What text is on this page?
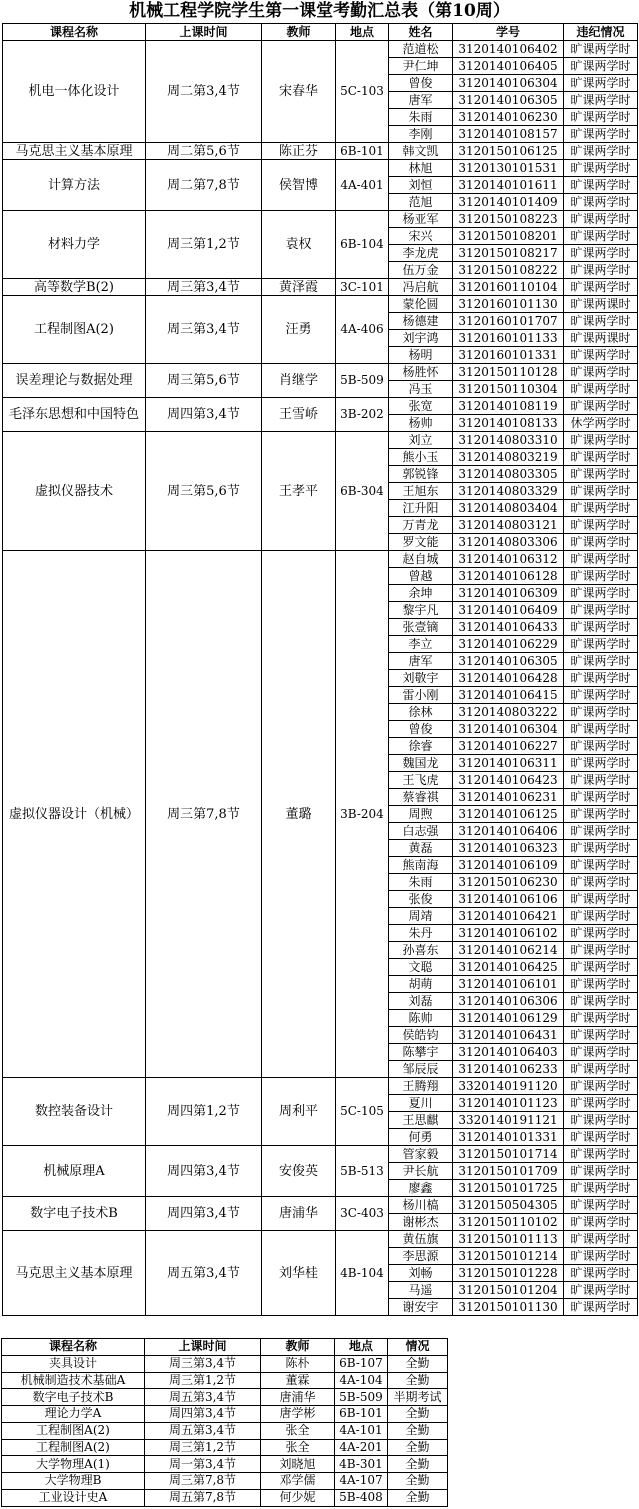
机械工程学院学生第一课堂考勤汇总表（第10周）
课程名称	上课时间	教师	地点	姓名	学号	违纪情况
机电一体化设计	周二第3,4节	宋春华	5C-103	范道松	3120140106402	旷课两学时
				尹仁坤	3120140106405	旷课两学时
				曾俊	3120140106304	旷课两学时
				唐军	3120140106305	旷课两学时
				朱雨	3120140106230	旷课两学时
				李刚	3120140108157	旷课两学时
马克思主义基本原理	周二第5,6节	陈正芬	6B-101	韩文凯	3120150106125	旷课两学时
计算方法	周二第7,8节	侯智博	4A-401	林旭	3120130101531	旷课两学时
				刘恒	3120140101611	旷课两学时
				范旭	3120140101409	旷课两学时
材料力学	周三第1,2节	袁权	6B-104	杨亚军	3120150108223	旷课两学时
				宋兴	3120150108201	旷课两学时
				李龙虎	3120150108217	旷课两学时
				伍万金	3120150108222	旷课两学时
高等数学B(2)	周三第3,4节	黄泽霞	3C-101	冯启航	3120160110104	旷课两学时
工程制图A(2)	周三第3,4节	汪勇	4A-406	蒙伦圆	3120160101130	旷课两课时
				杨德建	3120160101707	旷课两学时
				刘宇鸿	3120160101133	旷课两课时
				杨明	3120160101331	旷课两学时
误差理论与数据处理	周三第5,6节	肖继学	5B-509	杨胜怀	3120150110128	旷课两学时
				冯玉	3120150110304	旷课两学时
毛泽东思想和中国特色	周四第3,4节	王雪峤	3B-202	张宽	3120140108119	旷课两学时
				杨帅	3120140108133	休学两学时
虚拟仪器技术	周三第5,6节	王孝平	6B-304	刘立	3120140803310	旷课两学时
				熊小玉	3120140803219	旷课两学时
				郭锐锋	3120140803305	旷课两学时
				王旭东	3120140803329	旷课两学时
				江升阳	3120140803404	旷课两学时
				万青龙	3120140803121	旷课两学时
				罗文能	3120140803306	旷课两学时
虚拟仪器设计（机械）	周三第7,8节	董璐	3B-204	赵自城	3120140106312	旷课两学时
				曾越	3120140106128	旷课两学时
				余坤	3120140106309	旷课两学时
				黎宇凡	3120140106409	旷课两学时
				张壹镝	3120140106433	旷课两学时
				李立	3120140106229	旷课两学时
				唐军	3120140106305	旷课两学时
				刘敬宇	3120140106428	旷课两学时
				雷小刚	3120140106415	旷课两学时
				徐林	3120140803222	旷课两学时
				曾俊	3120140106304	旷课两学时
				徐睿	3120140106227	旷课两学时
				魏国龙	3120140106311	旷课两学时
				王飞虎	3120140106423	旷课两学时
				蔡睿祺	3120140106231	旷课两学时
				周煦	3120140106125	旷课两学时
				白志强	3120140106406	旷课两学时
				黄磊	3120140106323	旷课两学时
				熊南海	3120140106109	旷课两学时
				朱雨	3120150106230	旷课两学时
				张俊	3120140106106	旷课两学时
				周靖	3120140106421	旷课两学时
				朱丹	3120140106102	旷课两学时
				孙喜东	3120140106214	旷课两学时
				文聪	3120140106425	旷课两学时
				胡萌	3120140106101	旷课两学时
				刘磊	3120140106306	旷课两学时
				陈帅	3120140106129	旷课两学时
				侯皓钧	3120140106431	旷课两学时
				陈攀宇	3120140106403	旷课两学时
				邹辰辰	3120140106233	旷课两学时
数控装备设计	周四第1,2节	周利平	5C-105	王腾翔	3320140191120	旷课两学时
				夏川	3120140101123	旷课两学时
				王思麒	3320140191121	旷课两学时
				何勇	3120140101331	旷课两学时
机械原理A	周四第3,4节	安俊英	5B-513	管家毅	3120150101714	旷课两学时
				尹长航	3120150101709	旷课两学时
				廖鑫	3120150101725	旷课两学时
数字电子技术B	周四第3,4节	唐浦华	3C-403	杨川槁	3120150504305	旷课两学时
				谢彬杰	3120150110102	旷课两学时
马克思主义基本原理	周五第3,4节	刘华桂	4B-104	黄伍旗	3120150101113	旷课两学时
				李思源	3120150101214	旷课两学时
				刘畅	3120150101228	旷课两学时
				马遥	3120150101204	旷课两学时
				谢安宇	3120150101130	旷课两学时
课程名称	上课时间	教师	地点	情况
夹具设计	周三第3,4节	陈朴	6B-107	全勤
机械制造技术基础A	周三第1,2节	董霖	4A-104	全勤
数字电子技术B	周五第3,4节	唐浦华	5B-509	半期考试
理论力学A	周四第3,4节	唐学彬	6B-101	全勤
工程制图A(2)	周五第3,4节	张全	4A-101	全勤
工程制图A(2)	周三第1,2节	张全	4A-201	全勤
大学物理A(1)	周一第3,4节	刘晓旭	4B-301	全勤
大学物理B	周三第7,8节	邓学儒	4A-107	全勤
工业设计史A	周五第7,8节	何少妮	5B-408	全勤
